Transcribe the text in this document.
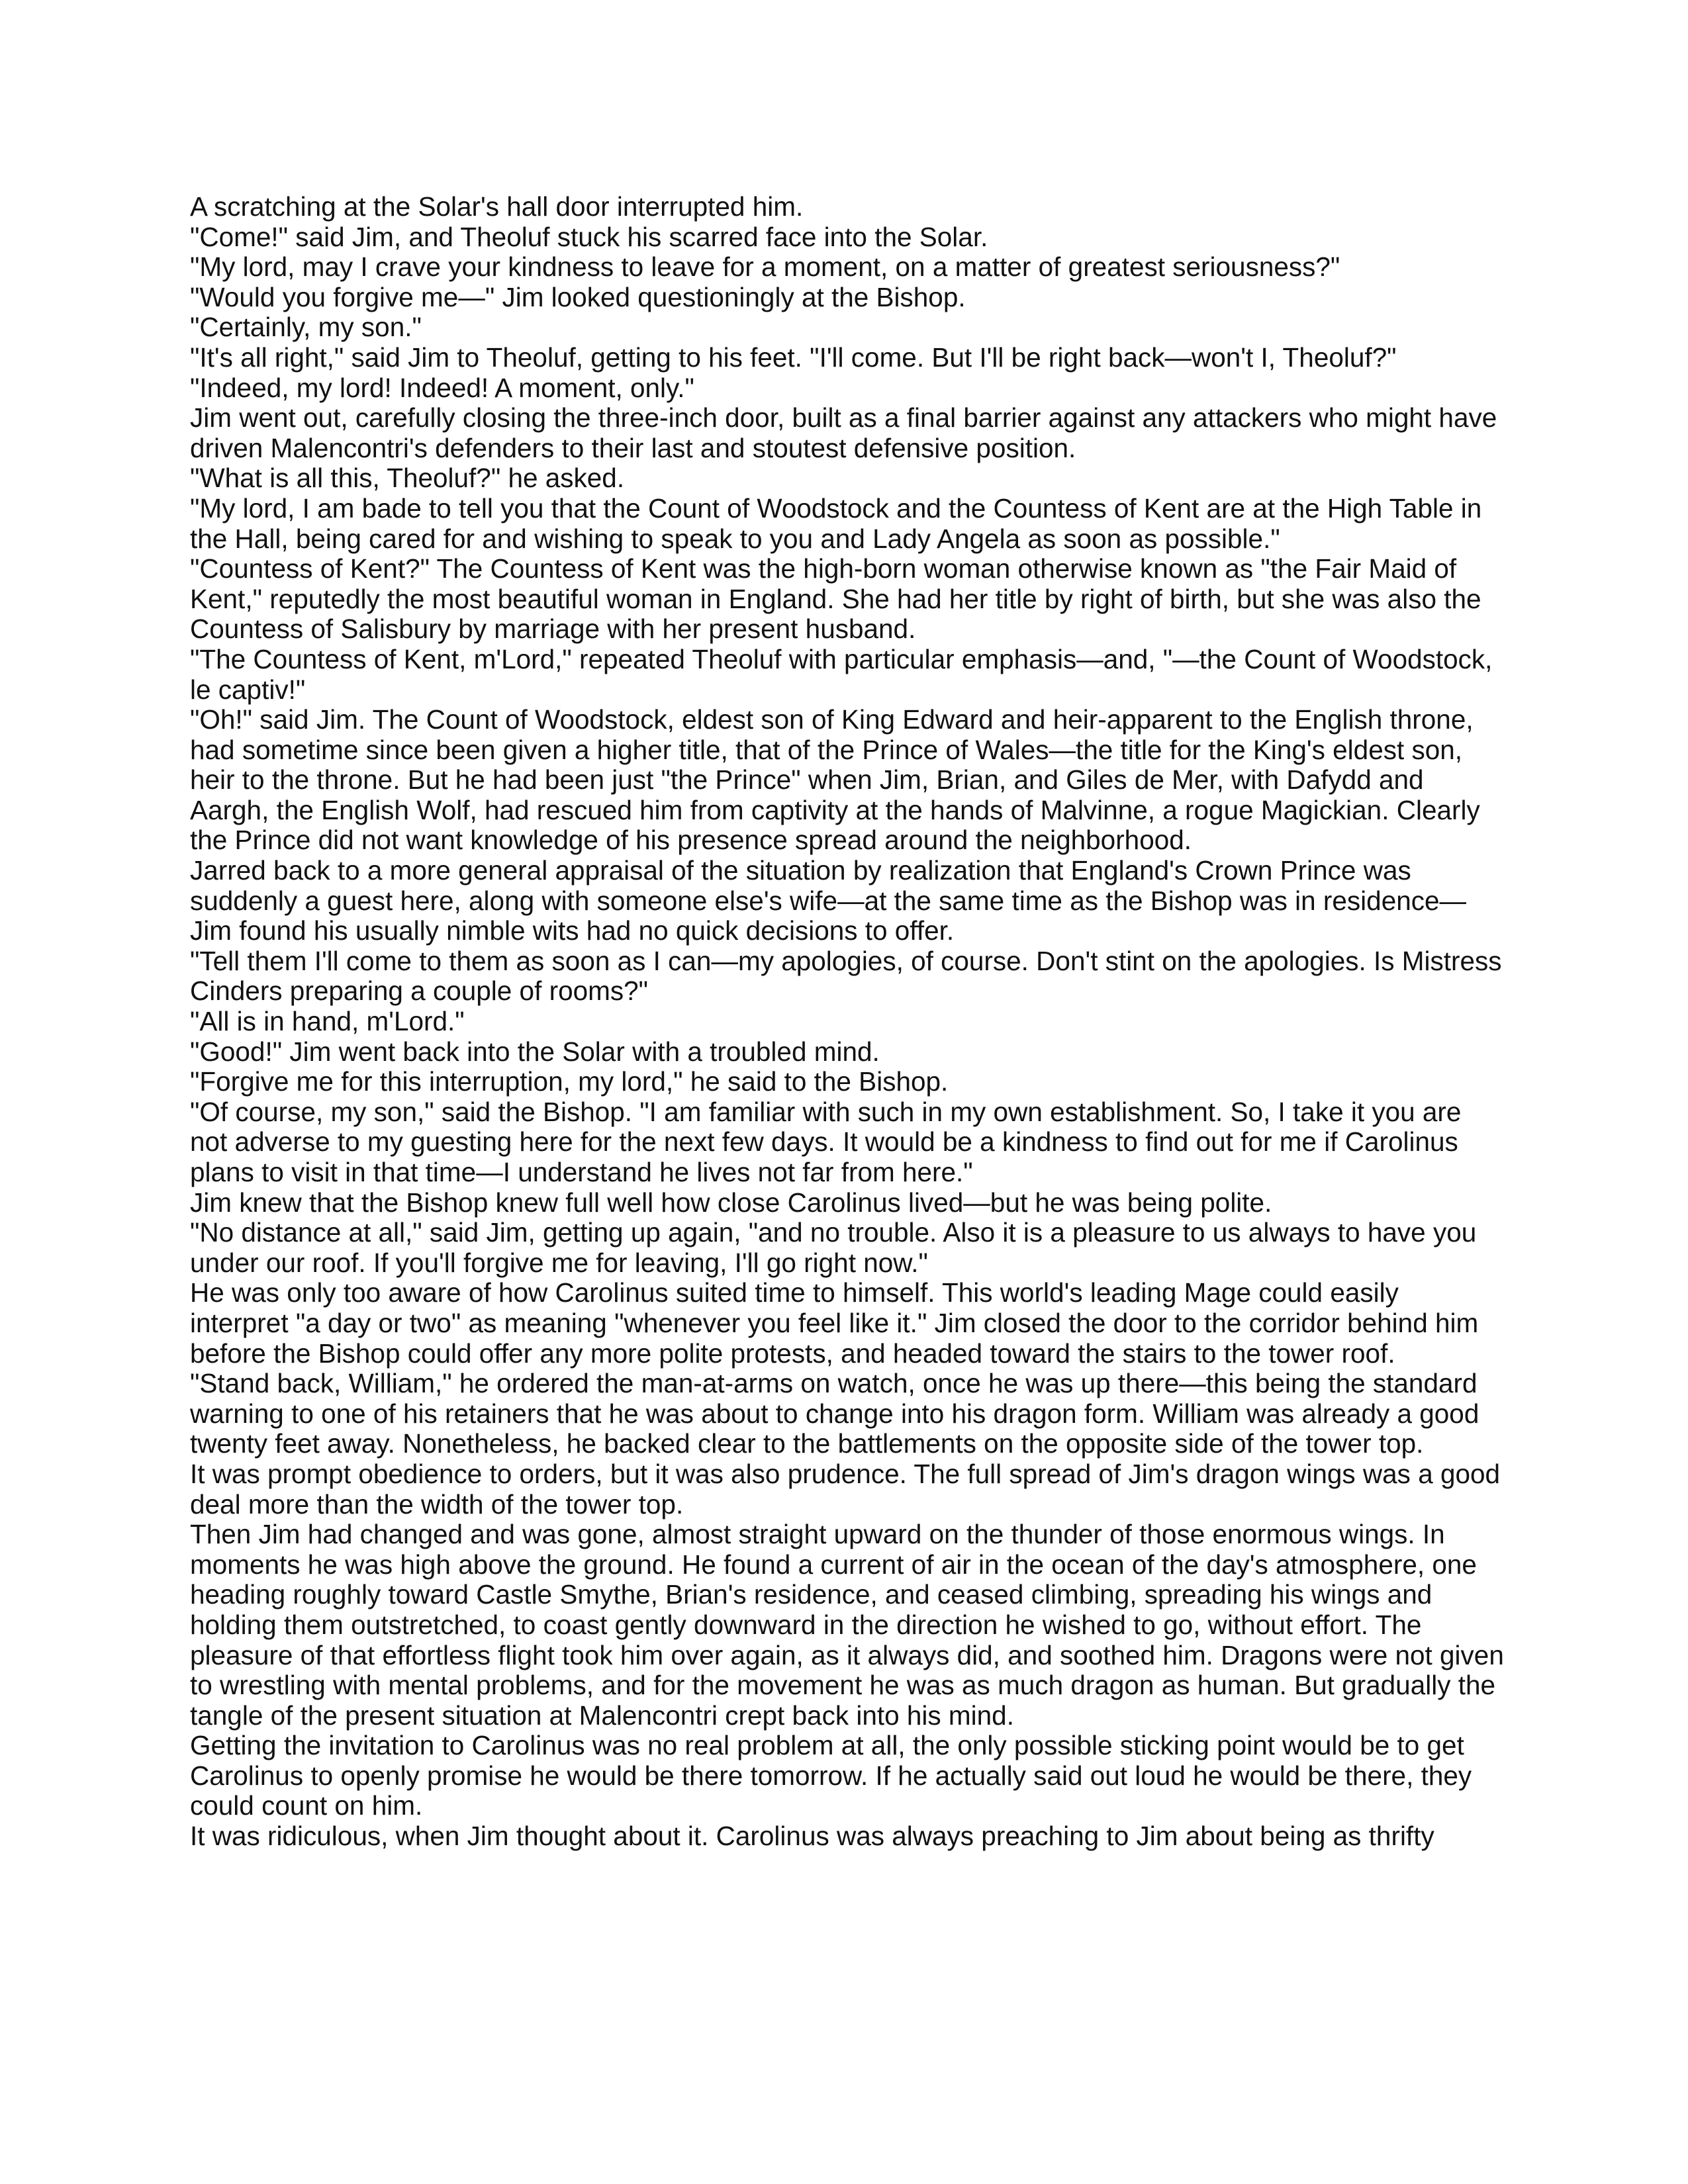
A scratching at the Solar's hall door interrupted him.

"Come!" said Jim, and Theoluf stuck his scarred face into the Solar.

"My lord, may I crave your kindness to leave for a moment, on a matter of greatest seriousness?"

"Would you forgive me—" Jim looked questioningly at the Bishop.

"Certainly, my son."

"It's all right," said Jim to Theoluf, getting to his feet. "I'll come. But I'll be right back—won't I, Theoluf?"

"Indeed, my lord! Indeed! A moment, only."

Jim went out, carefully closing the three-inch door, built as a final barrier against any attackers who might have driven Malencontri's defenders to their last and stoutest defensive position.

"What is all this, Theoluf?" he asked.

"My lord, I am bade to tell you that the Count of Woodstock and the Countess of Kent are at the High Table in the Hall, being cared for and wishing to speak to you and Lady Angela as soon as possible."

"Countess of Kent?" The Countess of Kent was the high-born woman otherwise known as "the Fair Maid of Kent," reputedly the most beautiful woman in England. She had her title by right of birth, but she was also the Countess of Salisbury by marriage with her present husband.

"The Countess of Kent, m'Lord," repeated Theoluf with particular emphasis—and, "—the Count of Woodstock, le captiv!"

"Oh!" said Jim. The Count of Woodstock, eldest son of King Edward and heir-apparent to the English throne, had sometime since been given a higher title, that of the Prince of Wales—the title for the King's eldest son, heir to the throne. But he had been just "the Prince" when Jim, Brian, and Giles de Mer, with Dafydd and Aargh, the English Wolf, had rescued him from captivity at the hands of Malvinne, a rogue Magickian. Clearly the Prince did not want knowledge of his presence spread around the neighborhood.

Jarred back to a more general appraisal of the situation by realization that England's Crown Prince was suddenly a guest here, along with someone else's wife—at the same time as the Bishop was in residence—Jim found his usually nimble wits had no quick decisions to offer.

"Tell them I'll come to them as soon as I can—my apologies, of course. Don't stint on the apologies. Is Mistress Cinders preparing a couple of rooms?"

"All is in hand, m'Lord."

"Good!" Jim went back into the Solar with a troubled mind.

"Forgive me for this interruption, my lord," he said to the Bishop.

"Of course, my son," said the Bishop. "I am familiar with such in my own establishment. So, I take it you are not adverse to my guesting here for the next few days. It would be a kindness to find out for me if Carolinus plans to visit in that time—I understand he lives not far from here."

Jim knew that the Bishop knew full well how close Carolinus lived—but he was being polite.

"No distance at all," said Jim, getting up again, "and no trouble. Also it is a pleasure to us always to have you under our roof. If you'll forgive me for leaving, I'll go right now."

He was only too aware of how Carolinus suited time to himself. This world's leading Mage could easily interpret "a day or two" as meaning "whenever you feel like it." Jim closed the door to the corridor behind him before the Bishop could offer any more polite protests, and headed toward the stairs to the tower roof.

"Stand back, William," he ordered the man-at-arms on watch, once he was up there—this being the standard warning to one of his retainers that he was about to change into his dragon form. William was already a good twenty feet away. Nonetheless, he backed clear to the battlements on the opposite side of the tower top.

It was prompt obedience to orders, but it was also prudence. The full spread of Jim's dragon wings was a good deal more than the width of the tower top.

Then Jim had changed and was gone, almost straight upward on the thunder of those enormous wings. In moments he was high above the ground. He found a current of air in the ocean of the day's atmosphere, one heading roughly toward Castle Smythe, Brian's residence, and ceased climbing, spreading his wings and holding them outstretched, to coast gently downward in the direction he wished to go, without effort. The pleasure of that effortless flight took him over again, as it always did, and soothed him. Dragons were not given to wrestling with mental problems, and for the movement he was as much dragon as human. But gradually the tangle of the present situation at Malencontri crept back into his mind.

Getting the invitation to Carolinus was no real problem at all, the only possible sticking point would be to get Carolinus to openly promise he would be there tomorrow. If he actually said out loud he would be there, they could count on him.

It was ridiculous, when Jim thought about it. Carolinus was always preaching to Jim about being as thrifty
